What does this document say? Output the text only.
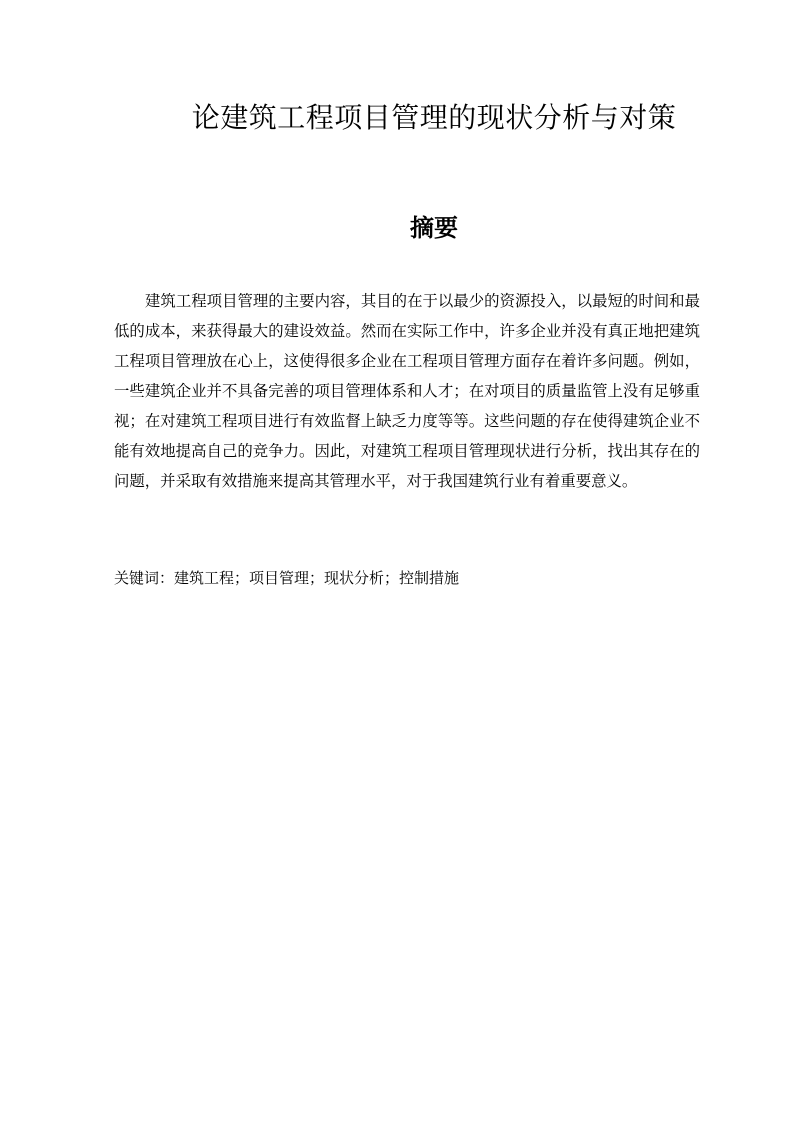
论建筑工程项目管理的现状分析与对策
摘要

建筑工程项目管理的主要内容，其目的在于以最少的资源投入，以最短的时间和最低的成本，来获得最大的建设效益。然而在实际工作中，许多企业并没有真正地把建筑工程项目管理放在心上，这使得很多企业在工程项目管理方面存在着许多问题。例如，一些建筑企业并不具备完善的项目管理体系和人才；在对项目的质量监管上没有足够重视；在对建筑工程项目进行有效监督上缺乏力度等等。这些问题的存在使得建筑企业不能有效地提高自己的竞争力。因此，对建筑工程项目管理现状进行分析，找出其存在的问题，并采取有效措施来提高其管理水平，对于我国建筑行业有着重要意义。

关键词：建筑工程；项目管理；现状分析；控制措施
